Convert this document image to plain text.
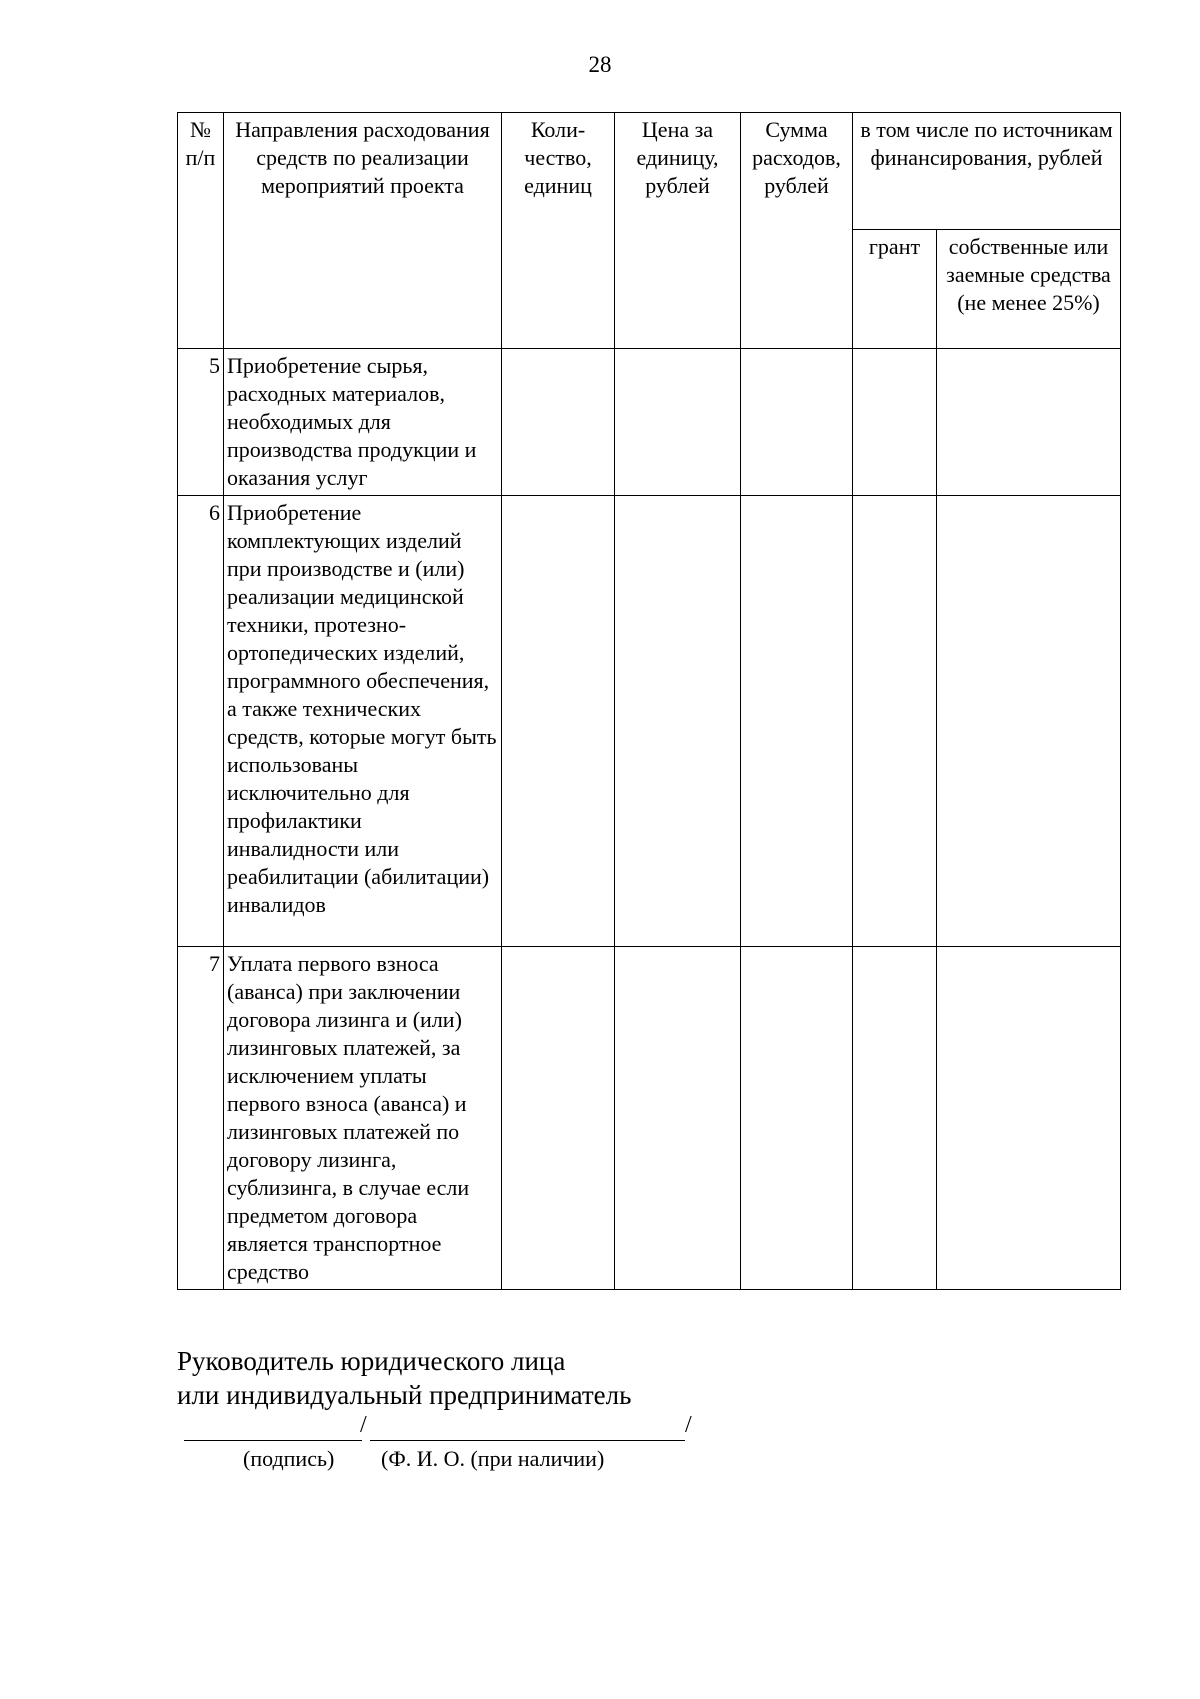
28
№ п/п	Направления расходования средств по реализации мероприятий проекта	Коли-чество, единиц	Цена за единицу, рублей	Сумма расходов, рублей	в том числе по источникам финансирования, рублей	
					грант	собственные или заемные средства (не менее 25%)
5	Приобретение сырья, расходных материалов, необходимых для производства продукции и оказания услуг					
6	Приобретение комплектующих изделий при производстве и (или) реализации медицинской техники, протезно-ортопедических изделий, программного обеспечения, а также технических средств, которые могут быть использованы исключительно для профилактики инвалидности или реабилитации (абилитации) инвалидов					
7	Уплата первого взноса (аванса) при заключении договора лизинга и (или) лизинговых платежей, за исключением уплаты первого взноса (аванса) и лизинговых платежей по договору лизинга, сублизинга, в случае если предметом договора является транспортное средство					
Руководитель юридического лица
или индивидуальный предприниматель
/	/
(подпись) (Ф. И. О. (при наличии)
